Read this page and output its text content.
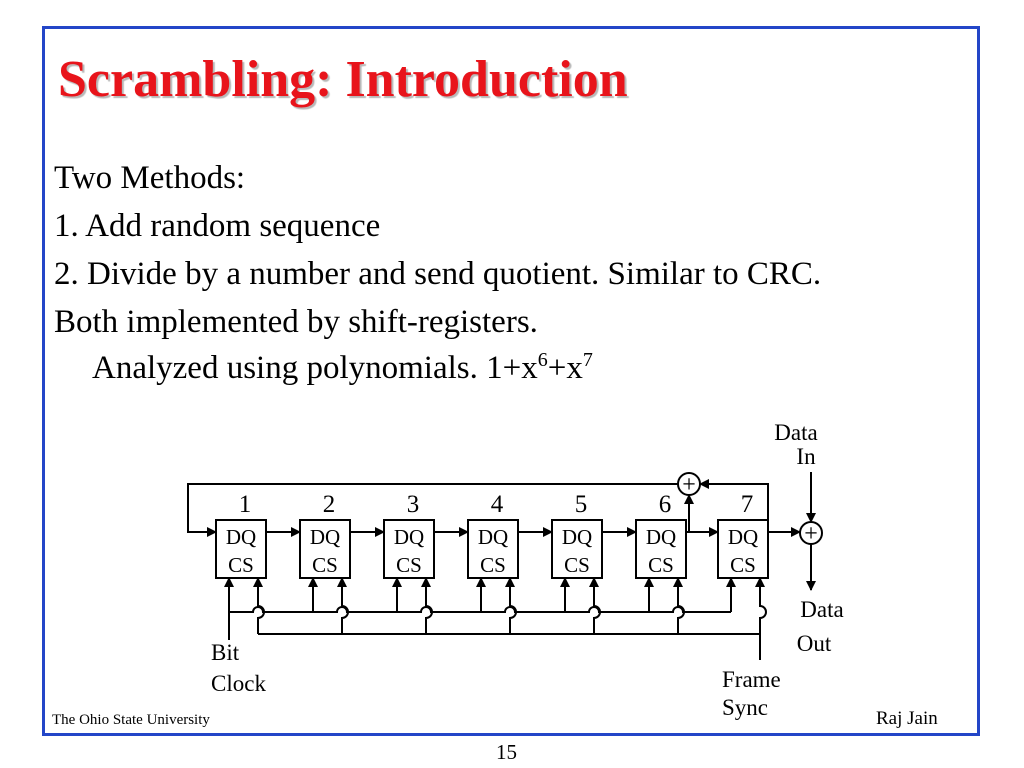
Scrambling: Introduction
Two Methods:
1. Add random sequence
2. Divide by a number and send quotient. Similar to CRC.
Both implemented by shift-registers.
Analyzed using polynomials. $1+x^6+x^7$
1
DQ
CS
2
DQ
CS
3
DQ
CS
4
DQ
CS
5
DQ
CS
6
DQ
CS
7
DQ
CS
+
+
Data
In
Data
Out
Bit
Clock	Frame
Sync
The Ohio State University	Raj Jain
15
